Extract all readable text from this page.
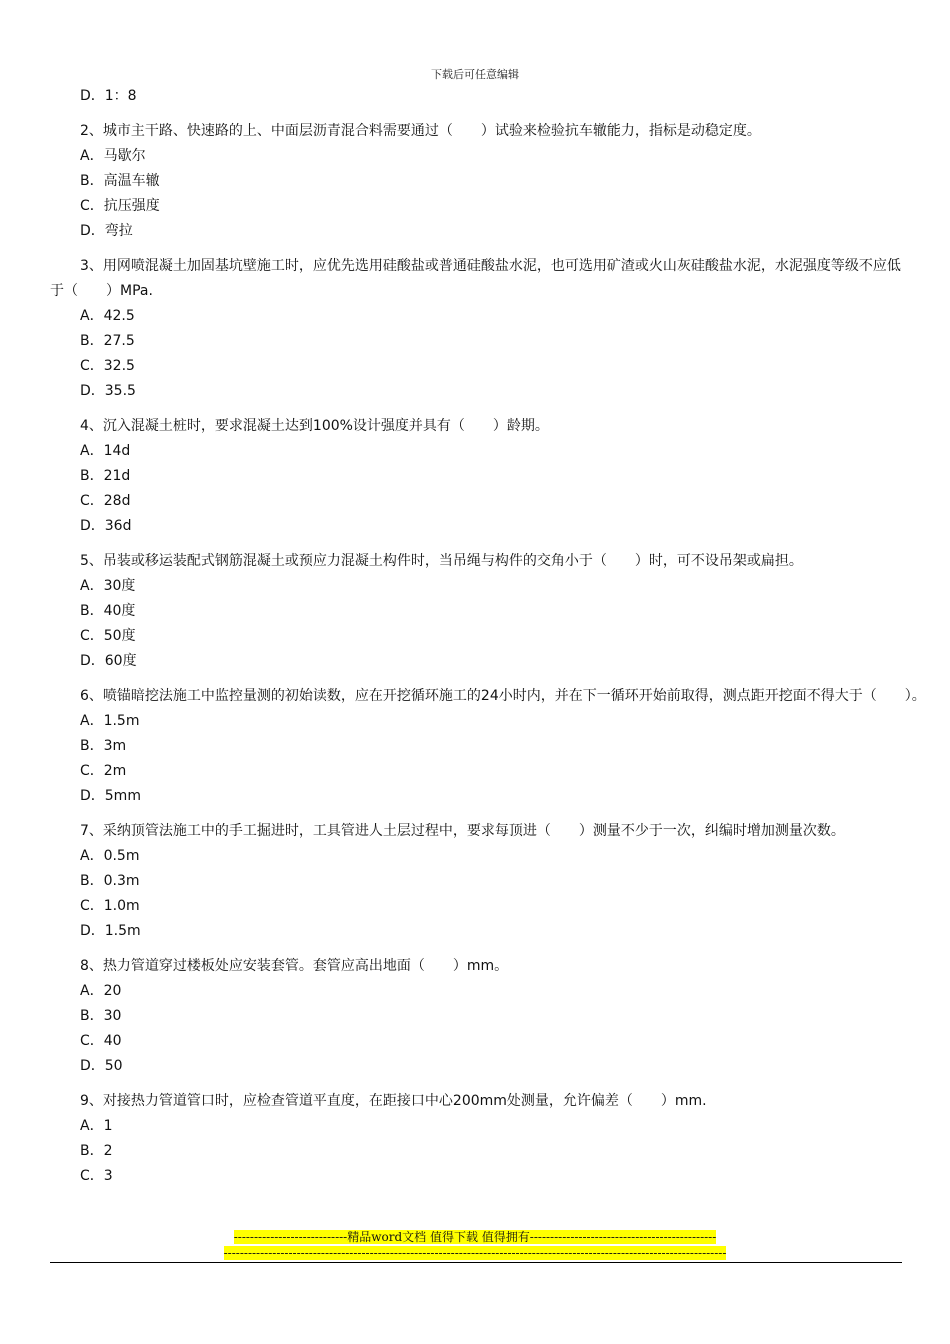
下载后可任意编辑
D．1：8
2、城市主干路、快速路的上、中面层沥青混合料需要通过（　　）试验来检验抗车辙能力，指标是动稳定度。
A．马歇尔
B．高温车辙
C．抗压强度
D．弯拉
3、用网喷混凝土加固基坑壁施工时，应优先选用硅酸盐或普通硅酸盐水泥，也可选用矿渣或火山灰硅酸盐水泥，水泥强度等级不应低于（　　）MPa.
A．42.5
B．27.5
C．32.5
D．35.5
4、沉入混凝土桩时，要求混凝土达到100%设计强度并具有（　　）龄期。
A．14d
B．21d
C．28d
D．36d
5、吊装或移运装配式钢筋混凝土或预应力混凝土构件时，当吊绳与构件的交角小于（　　）时，可不设吊架或扁担。
A．30度
B．40度
C．50度
D．60度
6、喷锚暗挖法施工中监控量测的初始读数，应在开挖循环施工的24小时内，并在下一循环开始前取得，测点距开挖面不得大于（　　）。
A．1.5m
B．3m
C．2m
D．5mm
7、采纳顶管法施工中的手工掘进时，工具管进人土层过程中，要求每顶进（　　）测量不少于一次，纠编时增加测量次数。
A．0.5m
B．0.3m
C．1.0m
D．1.5m
8、热力管道穿过楼板处应安装套管。套管应高出地面（　　）mm。
A．20
B．30
C．40
D．50
9、对接热力管道管口时，应检查管道平直度，在距接口中心200mm处测量，允许偏差（　　）mm.
A．1
B．2
C．3
----------------------------精品word文档 值得下载 值得拥有----------------------------------------------
----------------------------------------------------------------------------------------------------------------------------
